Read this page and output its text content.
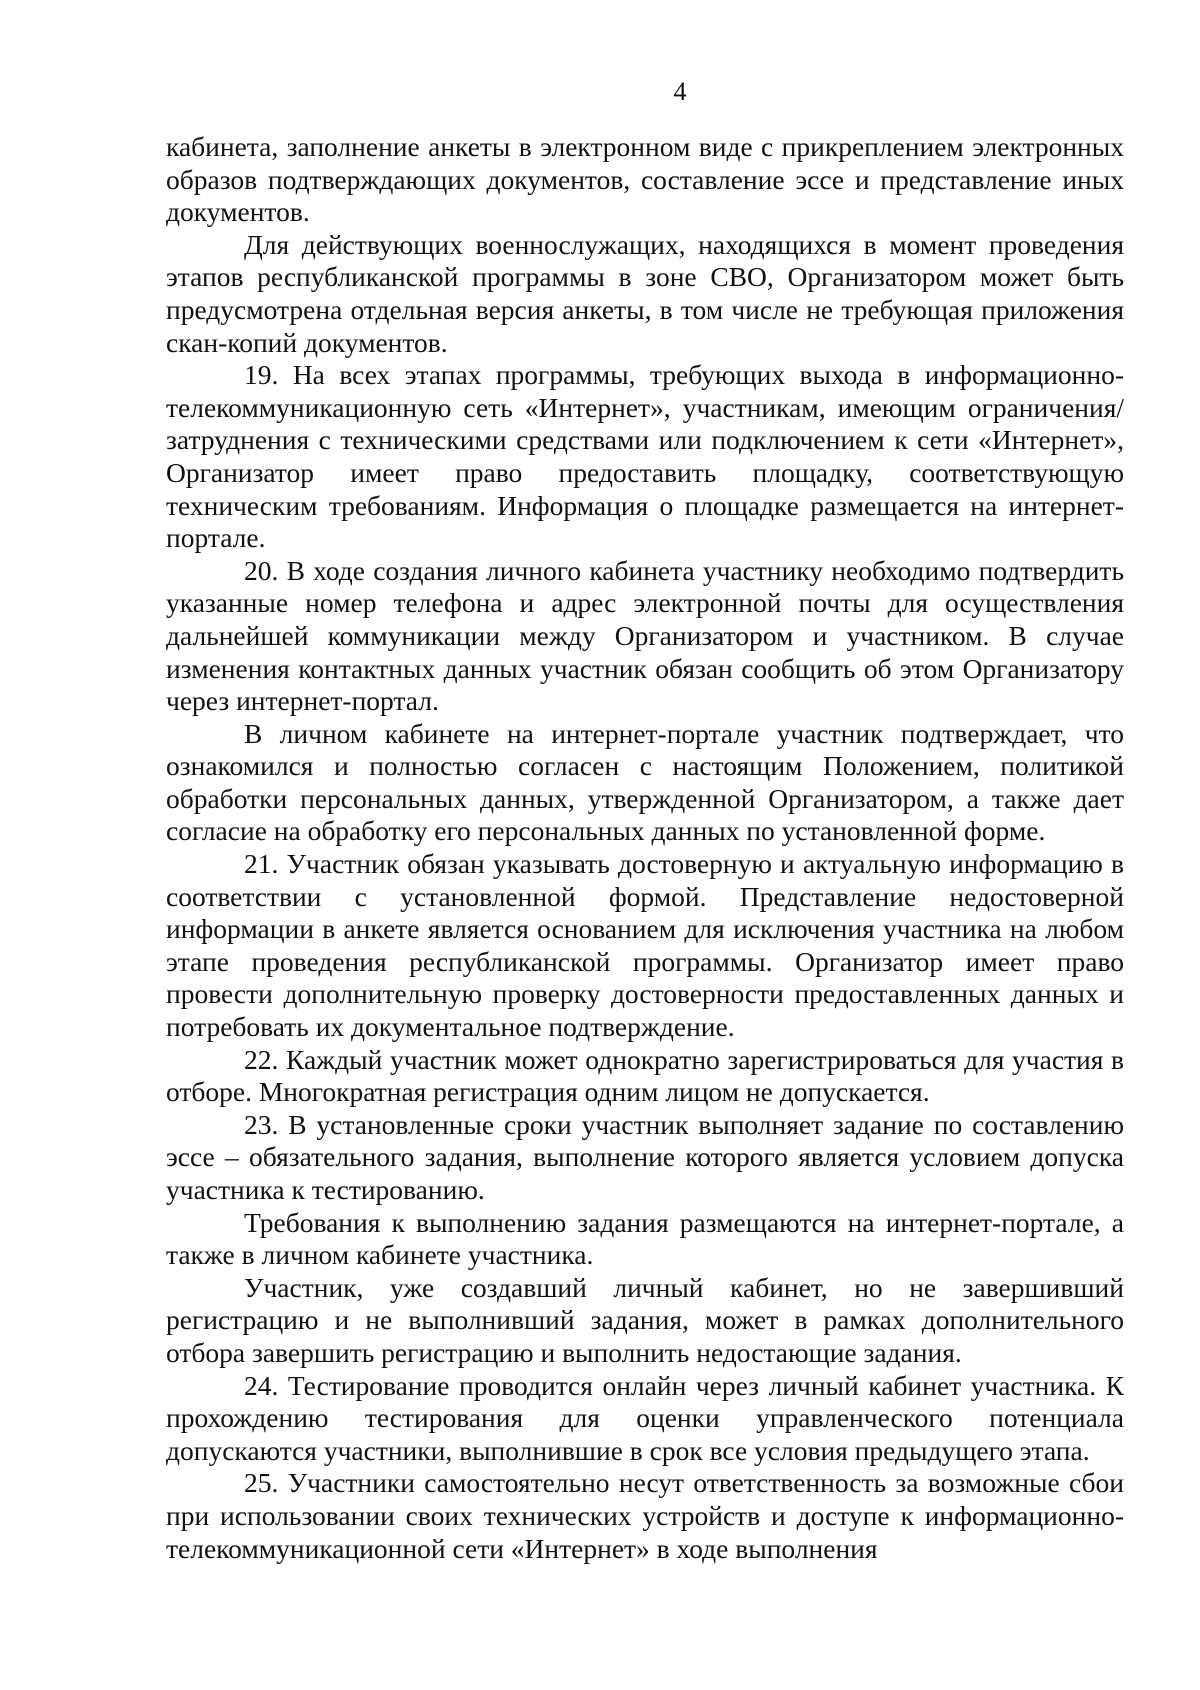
4

кабинета, заполнение анкеты в электронном виде с прикреплением электронных образов подтверждающих документов, составление эссе и представление иных документов.

Для действующих военнослужащих, находящихся в момент проведения этапов республиканской программы в зоне СВО, Организатором может быть предусмотрена отдельная версия анкеты, в том числе не требующая приложения скан-копий документов.

19. На всех этапах программы, требующих выхода в информационно-телекоммуникационную сеть «Интернет», участникам, имеющим ограничения/затруднения с техническими средствами или подключением к сети «Интернет», Организатор имеет право предоставить площадку, соответствующую техническим требованиям. Информация о площадке размещается на интернет-портале.

20. В ходе создания личного кабинета участнику необходимо подтвердить указанные номер телефона и адрес электронной почты для осуществления дальнейшей коммуникации между Организатором и участником. В случае изменения контактных данных участник обязан сообщить об этом Организатору через интернет-портал.

В личном кабинете на интернет-портале участник подтверждает, что ознакомился и полностью согласен с настоящим Положением, политикой обработки персональных данных, утвержденной Организатором, а также дает согласие на обработку его персональных данных по установленной форме.

21. Участник обязан указывать достоверную и актуальную информацию в соответствии с установленной формой. Представление недостоверной информации в анкете является основанием для исключения участника на любом этапе проведения республиканской программы. Организатор имеет право провести дополнительную проверку достоверности предоставленных данных и потребовать их документальное подтверждение.

22. Каждый участник может однократно зарегистрироваться для участия в отборе. Многократная регистрация одним лицом не допускается.

23. В установленные сроки участник выполняет задание по составлению эссе – обязательного задания, выполнение которого является условием допуска участника к тестированию.

Требования к выполнению задания размещаются на интернет-портале, а также в личном кабинете участника.

Участник, уже создавший личный кабинет, но не завершивший регистрацию и не выполнивший задания, может в рамках дополнительного отбора завершить регистрацию и выполнить недостающие задания.

24. Тестирование проводится онлайн через личный кабинет участника. К прохождению тестирования для оценки управленческого потенциала допускаются участники, выполнившие в срок все условия предыдущего этапа.

25. Участники самостоятельно несут ответственность за возможные сбои при использовании своих технических устройств и доступе к информационно-телекоммуникационной сети «Интернет» в ходе выполнения
